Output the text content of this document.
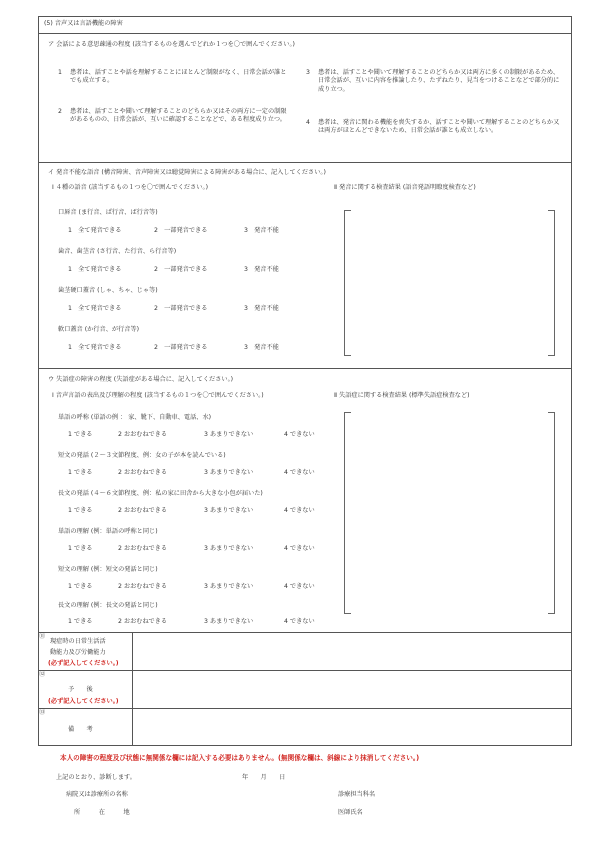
(5) 音声又は言語機能の障害
ア 会話による意思疎通の程度 (該当するものを選んでどれか１つを〇で囲んでください。)
1 患者は、話すことや話を理解することにほとんど制限がなく、日常会話が誰とでも成立する。
2 患者は、話すことや聞いて理解することのどちらか又はその両方に一定の制限があるものの、日常会話が、互いに確認することなどで、ある程度成り立つ。
3 患者は、話すことや聞いて理解することのどちらか又は両方に多くの制限があるため、日常会話が、互いに内容を推論したり、たずねたり、見当をつけることなどで部分的に成り立つ。
4 患者は、発音に関わる機能を喪失するか、話すことや聞いて理解することのどちらか又は両方がほとんどできないため、日常会話が誰とも成立しない。
イ 発音不能な語音 (構音障害、音声障害又は聴覚障害による障害がある場合に、記入してください。)
Ⅰ ４種の語音 (該当するもの１つを〇で囲んでください。)	Ⅱ 発音に関する検査結果 (語音発語明瞭度検査など)
口唇音 (ま行音、ぱ行音、ば行音等)
1　全て発音できる	2　一部発音できる	3　発音不能
歯音、歯茎音 (さ行音、た行音、ら行音等)
1　全て発音できる	2　一部発音できる	3　発音不能
歯茎硬口蓋音 (しゃ、ちゃ、じゃ等)
1　全て発音できる	2　一部発音できる	3　発音不能
軟口蓋音 (か行音、が行音等)
1　全て発音できる	2　一部発音できる	3　発音不能
ウ 失語症の障害の程度 (失語症がある場合に、記入してください。)
Ⅰ 音声言語の表出及び理解の程度 (該当するもの１つを〇で囲んでください。)	Ⅱ 失語症に関する検査結果 (標準失語症検査など)
単語の呼称 (単語の例 ： 家、靴下、自動車、電話、水)
1 できる	2 おおむねできる	3 あまりできない	4 できない
短文の発話 (２～３文節程度、例：女の子が本を読んでいる)
1 できる	2 おおむねできる	3 あまりできない	4 できない
長文の発話 (４～６文節程度、例：私の家に田舎から大きな小包が届いた)
1 できる	2 おおむねできる	3 あまりできない	4 できない
単語の理解 (例：単語の呼称と同じ)
1 できる	2 おおむねできる	3 あまりできない	4 できない
短文の理解 (例：短文の発話と同じ)
1 できる	2 おおむねできる	3 あまりできない	4 できない
長文の理解 (例：長文の発話と同じ)
1 できる	2 おおむねできる	3 あまりできない	4 できない
⑪
現症時の日常生活活
動能力及び労働能力
(必ず記入してください。)
⑫
予　　後
(必ず記入してください。)
⑬
備　　考
本人の障害の程度及び状態に無関係な欄には記入する必要はありません。(無関係な欄は、斜線により抹消してください。)
上記のとおり、診断します。	年　　月　　日
病院又は診療所の名称	診療担当科名
所　　　在　　　地	医師氏名
